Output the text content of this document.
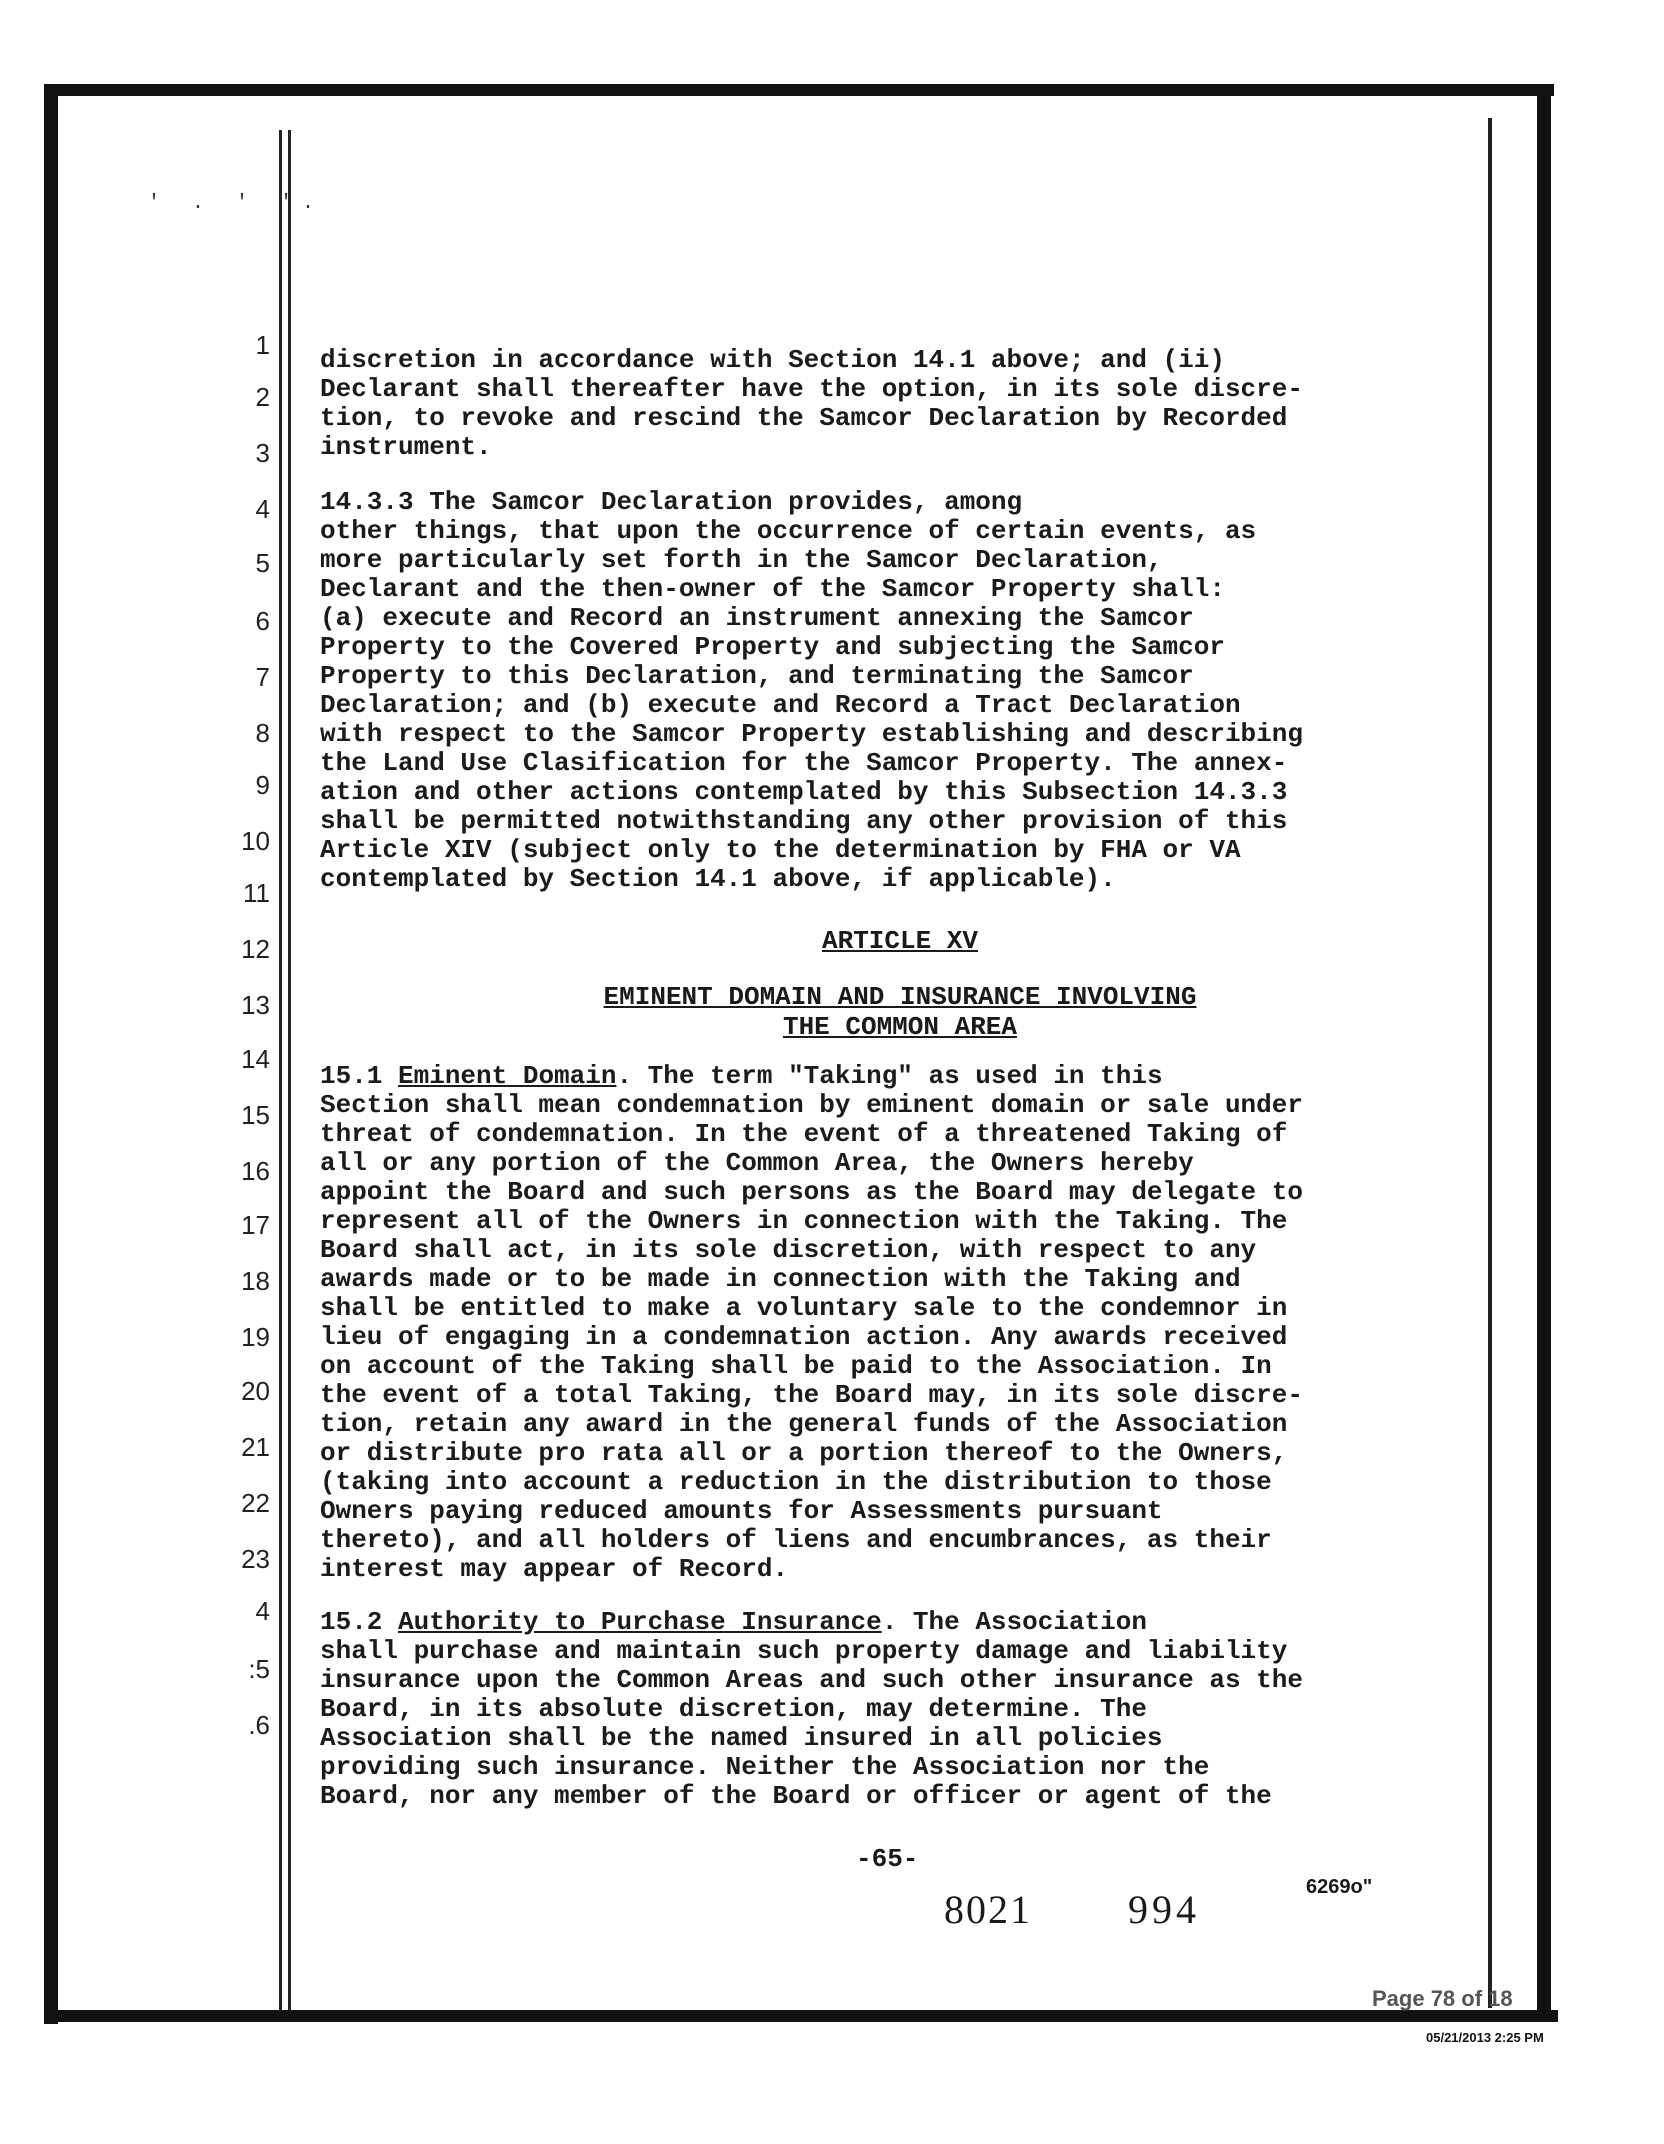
' . ' '.
1
2
3
4
5
6
7
8
9
10
11
12
13
14
15
16
17
18
19
20
21
22
23
4
:5
.6

discretion in accordance with Section 14.1 above; and (ii)
Declarant shall thereafter have the option, in its sole discre-
tion, to revoke and rescind the Samcor Declaration by Recorded
instrument.

14.3.3 The Samcor Declaration provides, among
other things, that upon the occurrence of certain events, as
more particularly set forth in the Samcor Declaration,
Declarant and the then-owner of the Samcor Property shall:
(a) execute and Record an instrument annexing the Samcor
Property to the Covered Property and subjecting the Samcor
Property to this Declaration, and terminating the Samcor
Declaration; and (b) execute and Record a Tract Declaration
with respect to the Samcor Property establishing and describing
the Land Use Clasification for the Samcor Property. The annex-
ation and other actions contemplated by this Subsection 14.3.3
shall be permitted notwithstanding any other provision of this
Article XIV (subject only to the determination by FHA or VA
contemplated by Section 14.1 above, if applicable).

ARTICLE XV
EMINENT DOMAIN AND INSURANCE INVOLVING
THE COMMON AREA

15.1 Eminent Domain. The term "Taking" as used in this
Section shall mean condemnation by eminent domain or sale under
threat of condemnation. In the event of a threatened Taking of
all or any portion of the Common Area, the Owners hereby
appoint the Board and such persons as the Board may delegate to
represent all of the Owners in connection with the Taking. The
Board shall act, in its sole discretion, with respect to any
awards made or to be made in connection with the Taking and
shall be entitled to make a voluntary sale to the condemnor in
lieu of engaging in a condemnation action. Any awards received
on account of the Taking shall be paid to the Association. In
the event of a total Taking, the Board may, in its sole discre-
tion, retain any award in the general funds of the Association
or distribute pro rata all or a portion thereof to the Owners,
(taking into account a reduction in the distribution to those
Owners paying reduced amounts for Assessments pursuant
thereto), and all holders of liens and encumbrances, as their
interest may appear of Record.

15.2 Authority to Purchase Insurance. The Association
shall purchase and maintain such property damage and liability
insurance upon the Common Areas and such other insurance as the
Board, in its absolute discretion, may determine. The
Association shall be the named insured in all policies
providing such insurance. Neither the Association nor the
Board, nor any member of the Board or officer or agent of the

-65-
6269o"
8021 994
Page 78 of 18
05/21/2013 2:25 PM
